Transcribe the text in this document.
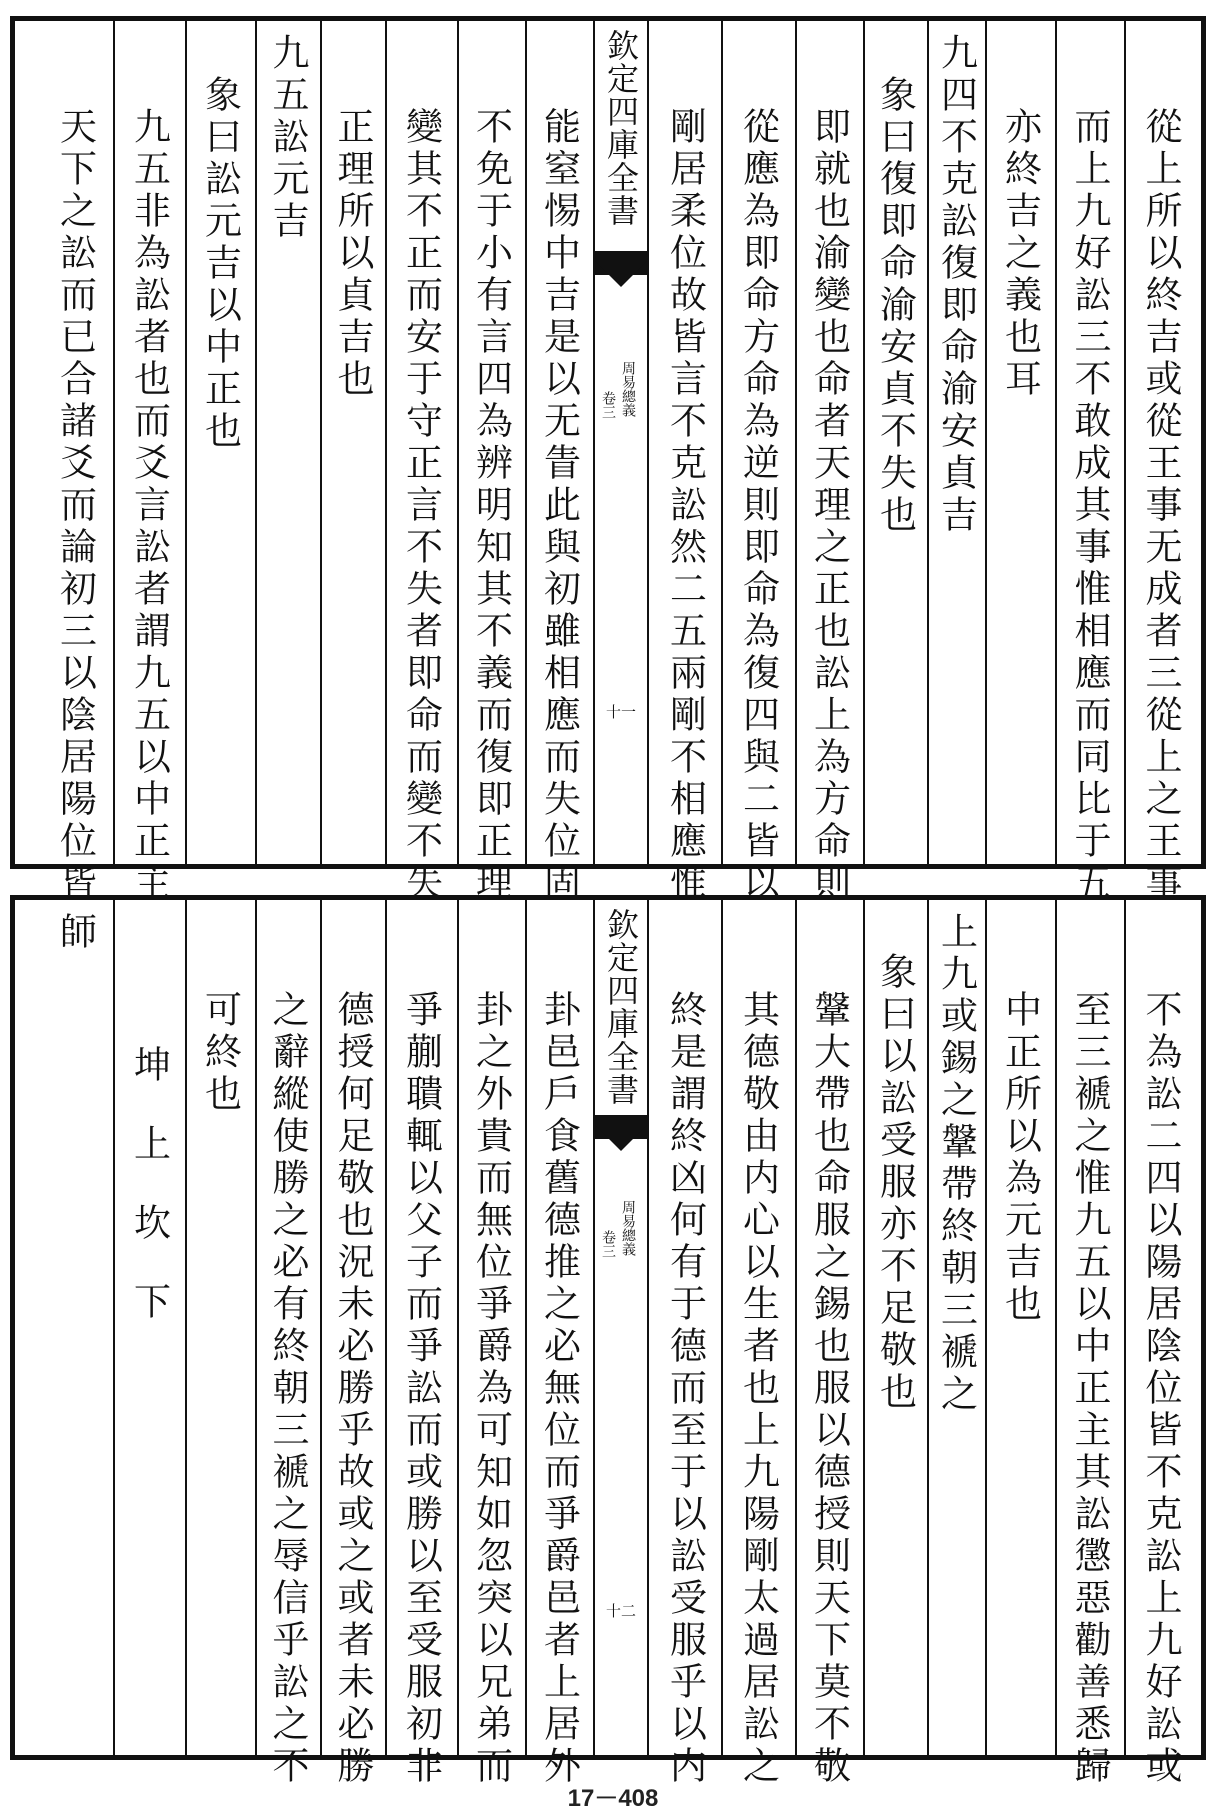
從上所以終吉或從王事无成者三從上之王事
而上九好訟三不敢成其事惟相應而同比于五
亦終吉之義也耳
九四不克訟復即命渝安貞吉
象曰復即命渝安貞不失也
即就也渝變也命者天理之正也訟上為方命則
從應為即命方命為逆則即命為復四與二皆以
剛居柔位故皆言不克訟然二五兩剛不相應惟
欽定四庫全書
周易總義
卷三
十一
能窒惕中吉是以无眚此與初雖相應而失位固
不免于小有言四為辨明知其不義而復即正理
變其不正而安于守正言不失者即命而變不失
正理所以貞吉也
九五訟元吉
象曰訟元吉以中正也
九五非為訟者也而爻言訟者謂九五以中正主
天下之訟而已合諸爻而論初三以陰居陽位皆
不為訟二四以陽居陰位皆不克訟上九好訟或
至三褫之惟九五以中正主其訟懲惡勸善悉歸
中正所以為元吉也
上九或錫之鞶帶終朝三褫之
象曰以訟受服亦不足敬也
鞶大帶也命服之錫也服以德授則天下莫不敬
其德敬由内心以生者也上九陽剛太過居訟之
終是謂終凶何有于德而至于以訟受服乎以内
欽定四庫全書
周易總義
卷三
十二
卦邑戶食舊德推之必無位而爭爵邑者上居外
卦之外貴而無位爭爵為可知如忽突以兄弟而
爭蒯聵輒以父子而爭訟而或勝以至受服初非
德授何足敬也況未必勝乎故或之或者未必勝
之辭縱使勝之必有終朝三褫之辱信乎訟之不
可終也
坤上坎下
師
17－408
